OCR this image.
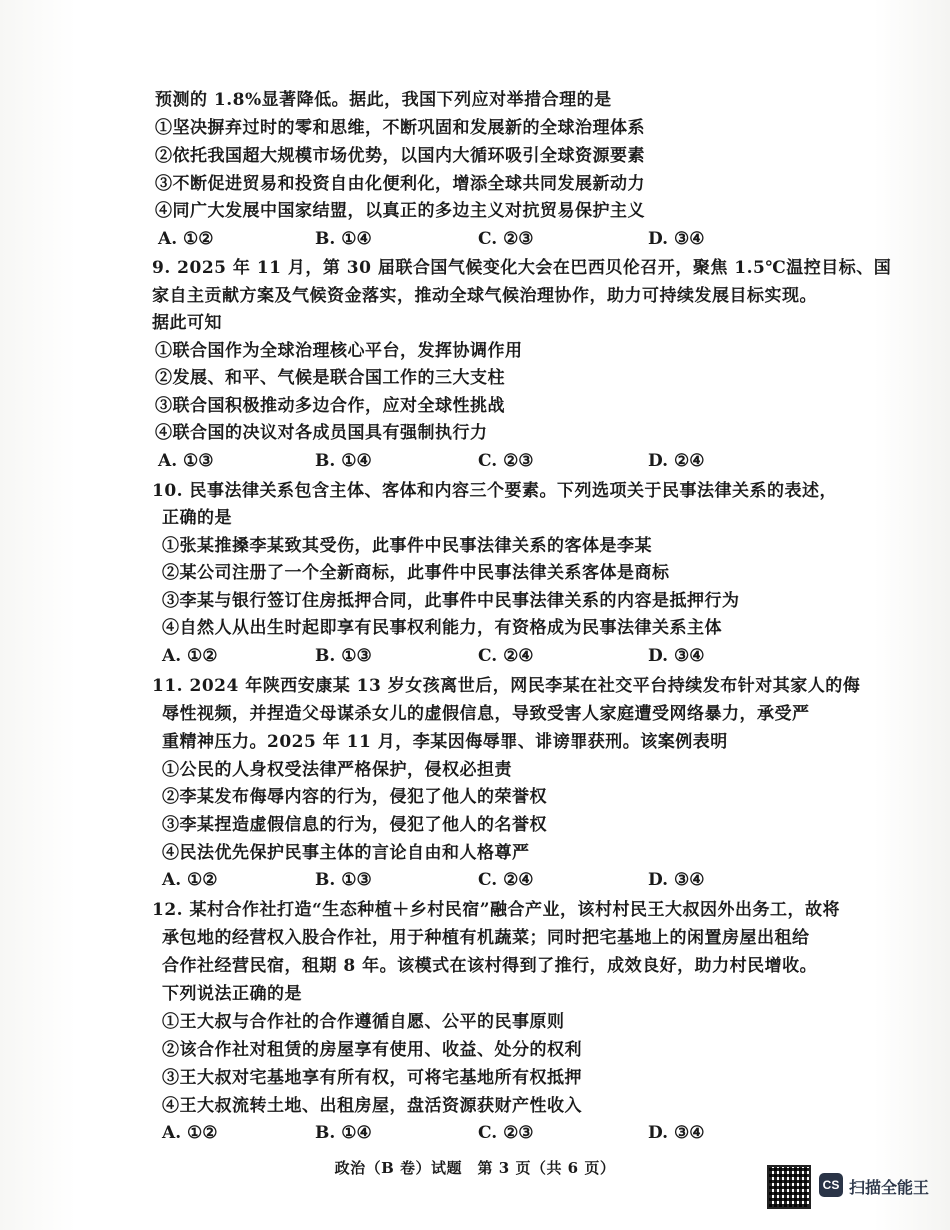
预测的 1.8%显著降低。据此，我国下列应对举措合理的是
①坚决摒弃过时的零和思维，不断巩固和发展新的全球治理体系
②依托我国超大规模市场优势，以国内大循环吸引全球资源要素
③不断促进贸易和投资自由化便利化，增添全球共同发展新动力
④同广大发展中国家结盟，以真正的多边主义对抗贸易保护主义
A. ①②	B. ①④	C. ②③	D. ③④
9. 2025 年 11 月，第 30 届联合国气候变化大会在巴西贝伦召开，聚焦 1.5℃温控目标、国
家自主贡献方案及气候资金落实，推动全球气候治理协作，助力可持续发展目标实现。
据此可知
①联合国作为全球治理核心平台，发挥协调作用
②发展、和平、气候是联合国工作的三大支柱
③联合国积极推动多边合作，应对全球性挑战
④联合国的决议对各成员国具有强制执行力
A. ①③	B. ①④	C. ②③	D. ②④
10. 民事法律关系包含主体、客体和内容三个要素。下列选项关于民事法律关系的表述，
正确的是
①张某推搡李某致其受伤，此事件中民事法律关系的客体是李某
②某公司注册了一个全新商标，此事件中民事法律关系客体是商标
③李某与银行签订住房抵押合同，此事件中民事法律关系的内容是抵押行为
④自然人从出生时起即享有民事权利能力，有资格成为民事法律关系主体
A. ①②	B. ①③	C. ②④	D. ③④
11. 2024 年陕西安康某 13 岁女孩离世后，网民李某在社交平台持续发布针对其家人的侮
辱性视频，并捏造父母谋杀女儿的虚假信息，导致受害人家庭遭受网络暴力，承受严
重精神压力。2025 年 11 月，李某因侮辱罪、诽谤罪获刑。该案例表明
①公民的人身权受法律严格保护，侵权必担责
②李某发布侮辱内容的行为，侵犯了他人的荣誉权
③李某捏造虚假信息的行为，侵犯了他人的名誉权
④民法优先保护民事主体的言论自由和人格尊严
A. ①②	B. ①③	C. ②④	D. ③④
12. 某村合作社打造“生态种植＋乡村民宿”融合产业，该村村民王大叔因外出务工，故将
承包地的经营权入股合作社，用于种植有机蔬菜；同时把宅基地上的闲置房屋出租给
合作社经营民宿，租期 8 年。该模式在该村得到了推行，成效良好，助力村民增收。
下列说法正确的是
①王大叔与合作社的合作遵循自愿、公平的民事原则
②该合作社对租赁的房屋享有使用、收益、处分的权利
③王大叔对宅基地享有所有权，可将宅基地所有权抵押
④王大叔流转土地、出租房屋，盘活资源获财产性收入
A. ①②	B. ①④	C. ②③	D. ③④
政治（B 卷）试题　第 3 页（共 6 页）
CS 扫描全能王
